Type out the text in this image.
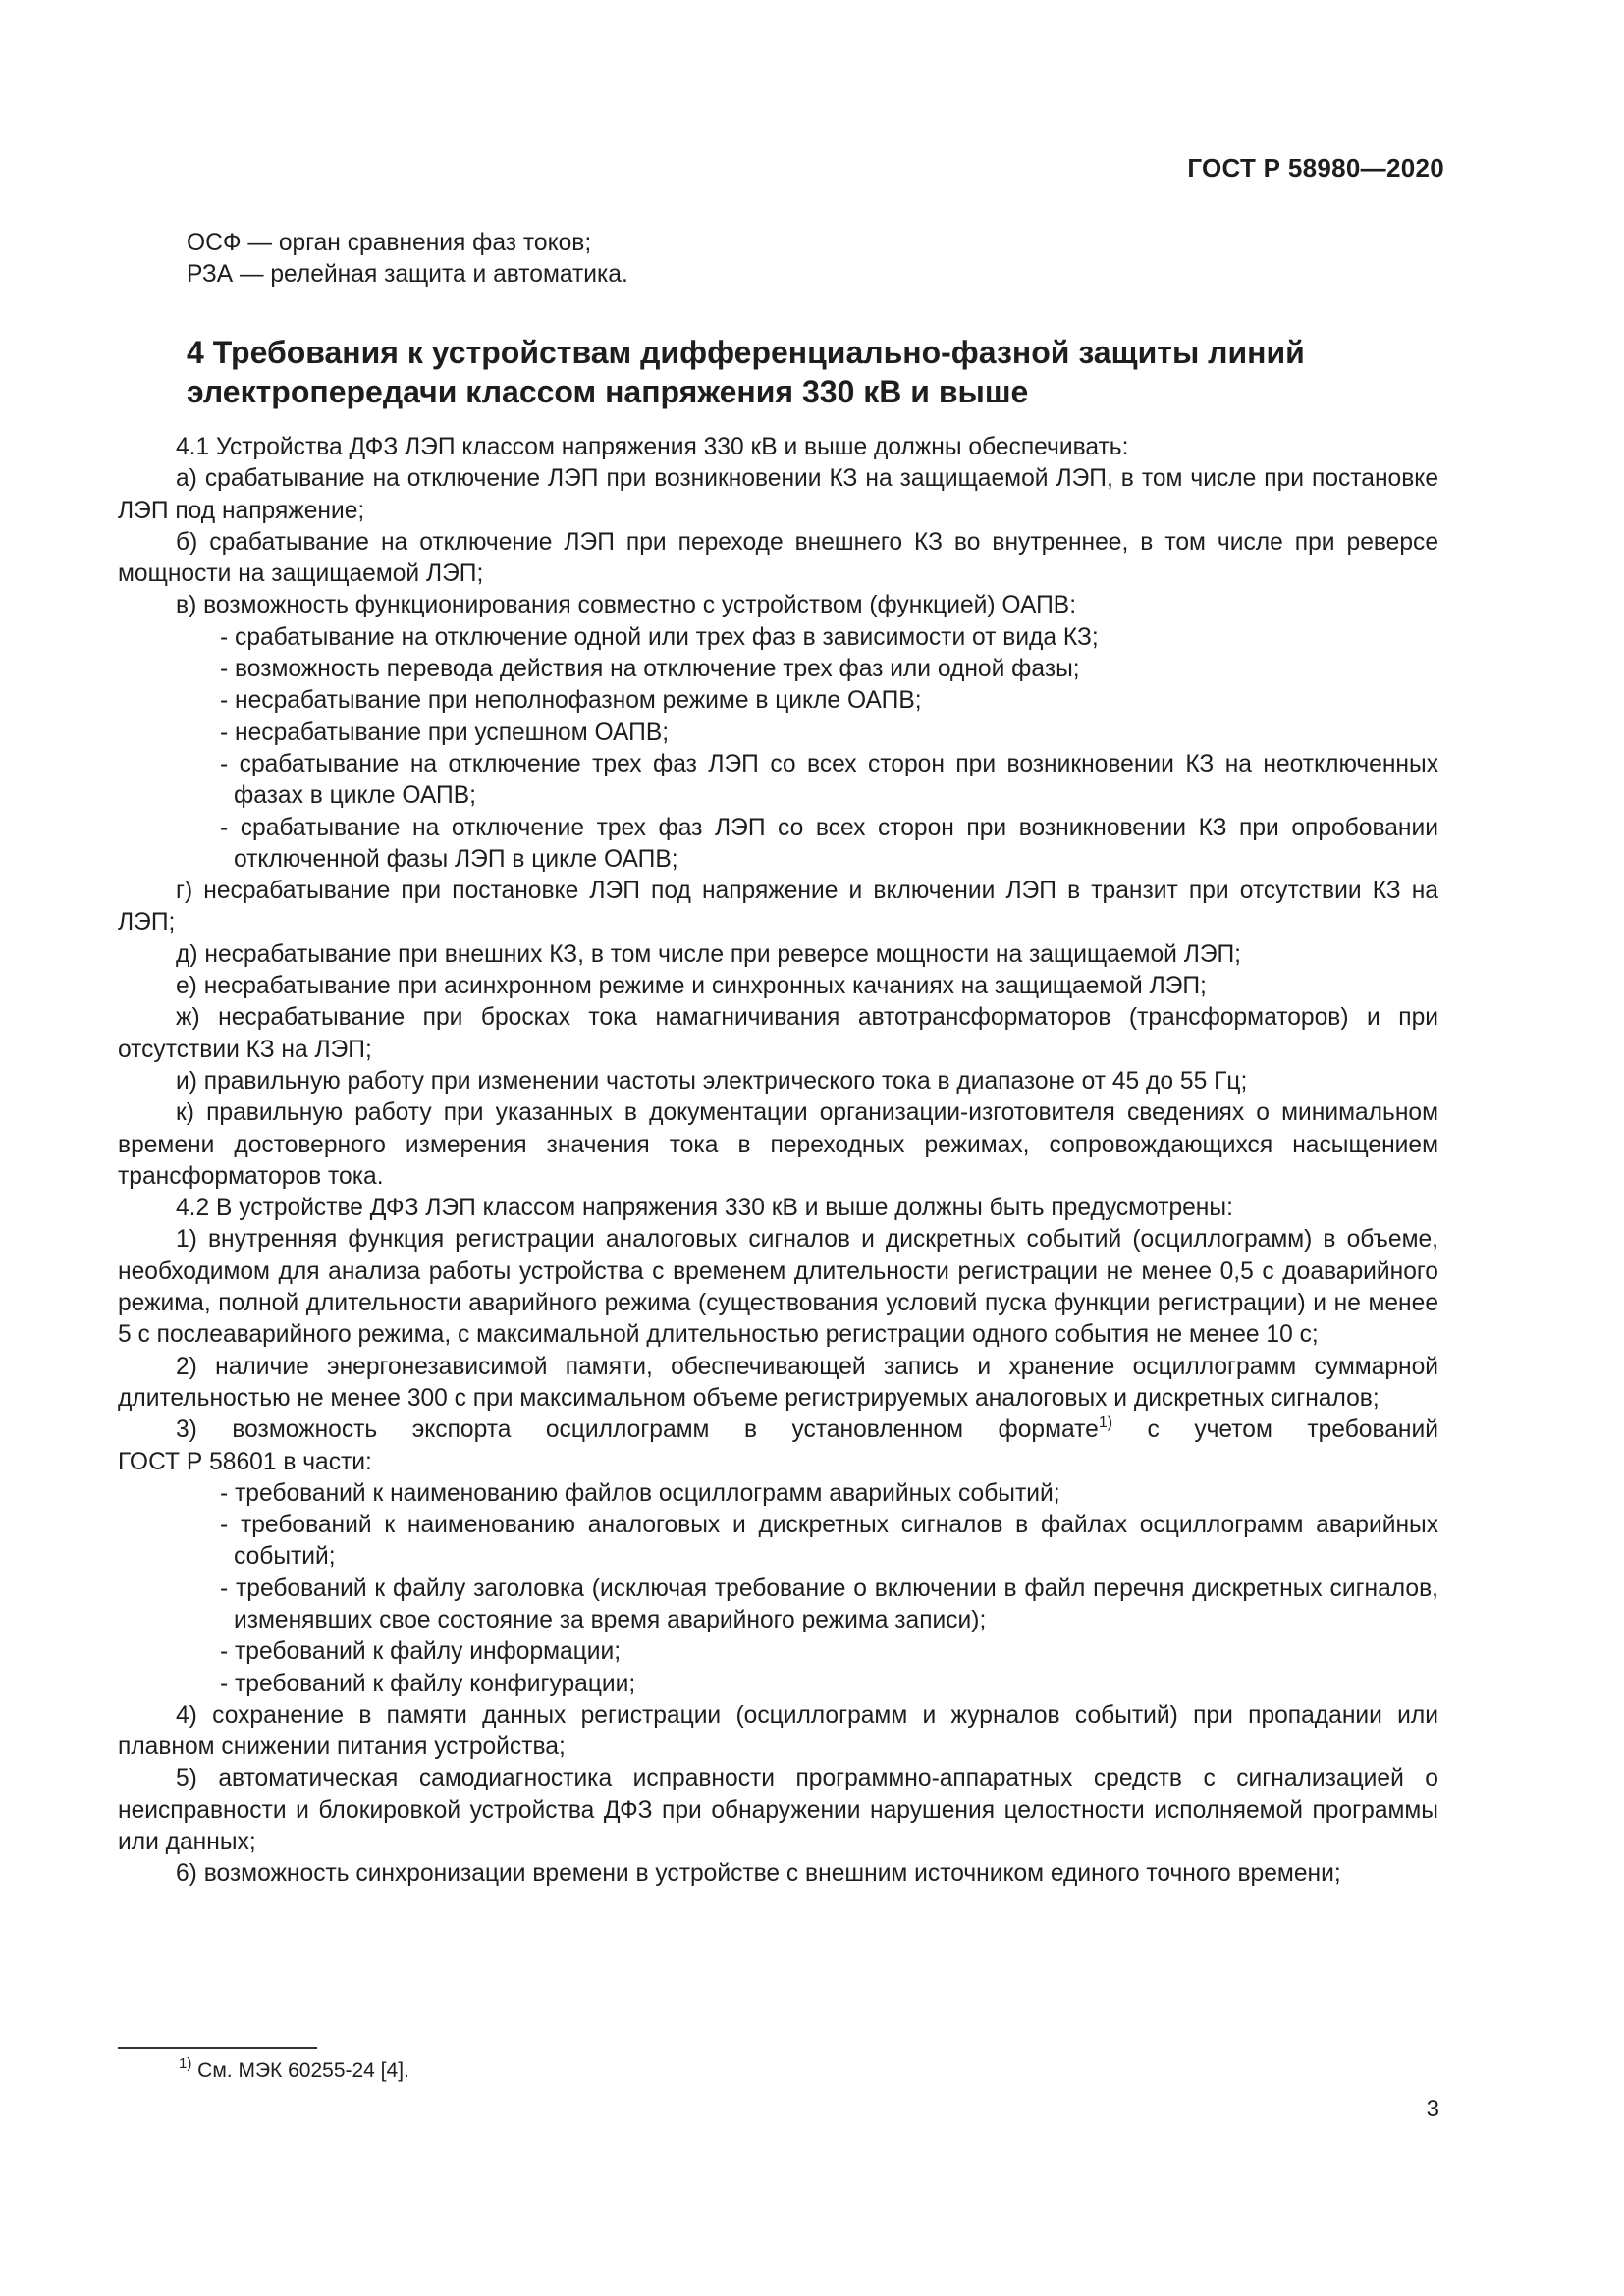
ГОСТ Р 58980—2020

ОСФ — орган сравнения фаз токов;

РЗА — релейная защита и автоматика.

4 Требования к устройствам дифференциально-фазной защиты линий
электропередачи классом напряжения 330 кВ и выше

4.1 Устройства ДФЗ ЛЭП классом напряжения 330 кВ и выше должны обеспечивать:

а) срабатывание на отключение ЛЭП при возникновении КЗ на защищаемой ЛЭП, в том числе при постановке ЛЭП под напряжение;

б) срабатывание на отключение ЛЭП при переходе внешнего КЗ во внутреннее, в том числе при реверсе мощности на защищаемой ЛЭП;

в) возможность функционирования совместно с устройством (функцией) ОАПВ:

- срабатывание на отключение одной или трех фаз в зависимости от вида КЗ;

- возможность перевода действия на отключение трех фаз или одной фазы;

- несрабатывание при неполнофазном режиме в цикле ОАПВ;

- несрабатывание при успешном ОАПВ;

- срабатывание на отключение трех фаз ЛЭП со всех сторон при возникновении КЗ на неотключенных фазах в цикле ОАПВ;

- срабатывание на отключение трех фаз ЛЭП со всех сторон при возникновении КЗ при опробовании отключенной фазы ЛЭП в цикле ОАПВ;

г) несрабатывание при постановке ЛЭП под напряжение и включении ЛЭП в транзит при отсутствии КЗ на ЛЭП;

д) несрабатывание при внешних КЗ, в том числе при реверсе мощности на защищаемой ЛЭП;

е) несрабатывание при асинхронном режиме и синхронных качаниях на защищаемой ЛЭП;

ж) несрабатывание при бросках тока намагничивания автотрансформаторов (трансформаторов) и при отсутствии КЗ на ЛЭП;

и) правильную работу при изменении частоты электрического тока в диапазоне от 45 до 55 Гц;

к) правильную работу при указанных в документации организации-изготовителя сведениях о минимальном времени достоверного измерения значения тока в переходных режимах, сопровождающихся насыщением трансформаторов тока.

4.2 В устройстве ДФЗ ЛЭП классом напряжения 330 кВ и выше должны быть предусмотрены:

1) внутренняя функция регистрации аналоговых сигналов и дискретных событий (осциллограмм) в объеме, необходимом для анализа работы устройства с временем длительности регистрации не менее 0,5 с доаварийного режима, полной длительности аварийного режима (существования условий пуска функции регистрации) и не менее 5 с послеаварийного режима, с максимальной длительностью регистрации одного события не менее 10 с;

2) наличие энергонезависимой памяти, обеспечивающей запись и хранение осциллограмм суммарной длительностью не менее 300 с при максимальном объеме регистрируемых аналоговых и дискретных сигналов;

3) возможность экспорта осциллограмм в установленном формате$^{1)}$ с учетом требований

ГОСТ Р 58601 в части:

- требований к наименованию файлов осциллограмм аварийных событий;

- требований к наименованию аналоговых и дискретных сигналов в файлах осциллограмм аварийных событий;

- требований к файлу заголовка (исключая требование о включении в файл перечня дискретных сигналов, изменявших свое состояние за время аварийного режима записи);

- требований к файлу информации;

- требований к файлу конфигурации;

4) сохранение в памяти данных регистрации (осциллограмм и журналов событий) при пропадании или плавном снижении питания устройства;

5) автоматическая самодиагностика исправности программно-аппаратных средств с сигнализацией о неисправности и блокировкой устройства ДФЗ при обнаружении нарушения целостности исполняемой программы или данных;

6) возможность синхронизации времени в устройстве с внешним источником единого точного времени;

$^{1)}$ См. МЭК 60255-24 [4].
3
